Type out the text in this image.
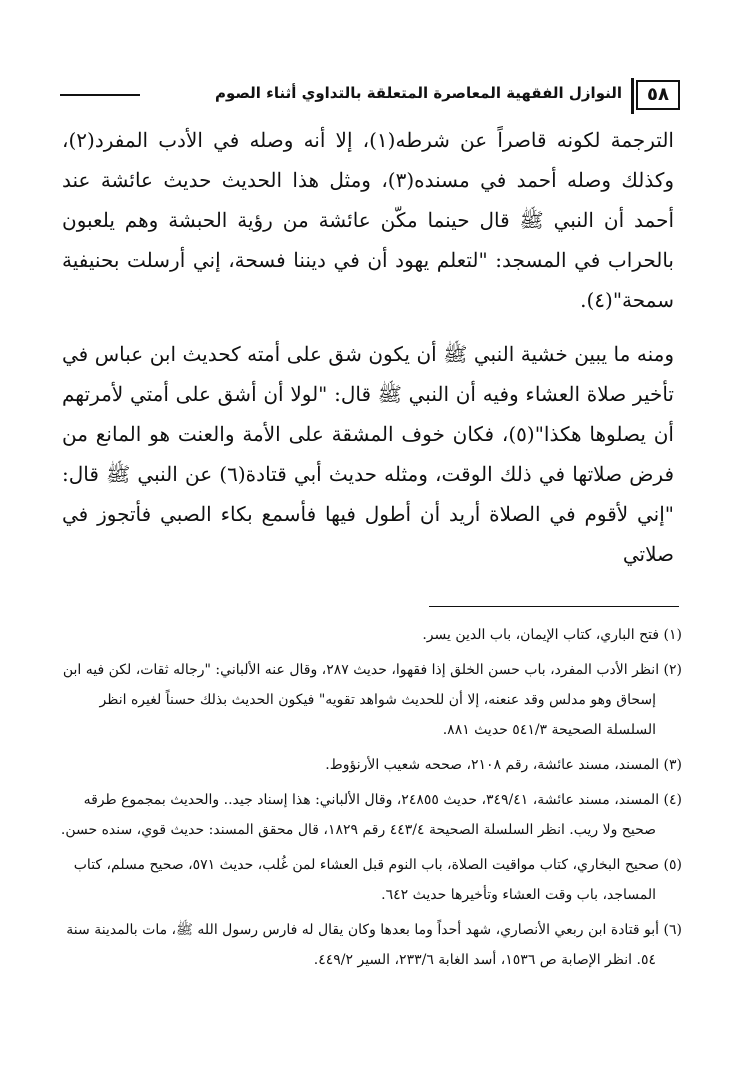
٥٨
النوازل الفقهية المعاصرة المتعلقة بالتداوي أثناء الصوم

الترجمة لكونه قاصراً عن شرطه(١)، إلا أنه وصله في الأدب المفرد(٢)، وكذلك وصله أحمد في مسنده(٣)، ومثل هذا الحديث حديث عائشة عند أحمد أن النبي ﷺ قال حينما مكّن عائشة من رؤية الحبشة وهم يلعبون بالحراب في المسجد: "لتعلم يهود أن في ديننا فسحة، إني أرسلت بحنيفية سمحة"(٤).

ومنه ما يبين خشية النبي ﷺ أن يكون شق على أمته كحديث ابن عباس في تأخير صلاة العشاء وفيه أن النبي ﷺ قال: "لولا أن أشق على أمتي لأمرتهم أن يصلوها هكذا"(٥)، فكان خوف المشقة على الأمة والعنت هو المانع من فرض صلاتها في ذلك الوقت، ومثله حديث أبي قتادة(٦) عن النبي ﷺ قال: "إني لأقوم في الصلاة أريد أن أطول فيها فأسمع بكاء الصبي فأتجوز في صلاتي

(١) فتح الباري، كتاب الإيمان، باب الدين يسر.

(٢) انظر الأدب المفرد، باب حسن الخلق إذا فقهوا، حديث ٢٨٧، وقال عنه الألباني: "رجاله ثقات، لكن فيه ابن إسحاق وهو مدلس وقد عنعنه، إلا أن للحديث شواهد تقويه" فيكون الحديث بذلك حسناً لغيره انظر السلسلة الصحيحة ٥٤١/٣ حديث ٨٨١.

(٣) المسند، مسند عائشة، رقم ٢١٠٨، صححه شعيب الأرنؤوط.

(٤) المسند، مسند عائشة، ٣٤٩/٤١، حديث ٢٤٨٥٥، وقال الألباني: هذا إسناد جيد.. والحديث بمجموع طرقه صحيح ولا ريب. انظر السلسلة الصحيحة ٤٤٣/٤ رقم ١٨٢٩، قال محقق المسند: حديث قوي، سنده حسن.

(٥) صحيح البخاري، كتاب مواقيت الصلاة، باب النوم قبل العشاء لمن غُلب، حديث ٥٧١، صحيح مسلم، كتاب المساجد، باب وقت العشاء وتأخيرها حديث ٦٤٢.

(٦) أبو قتادة ابن ربعي الأنصاري، شهد أحداً وما بعدها وكان يقال له فارس رسول الله ﷺ، مات بالمدينة سنة ٥٤. انظر الإصابة ص ١٥٣٦، أسد الغابة ٢٣٣/٦، السير ٤٤٩/٢.
